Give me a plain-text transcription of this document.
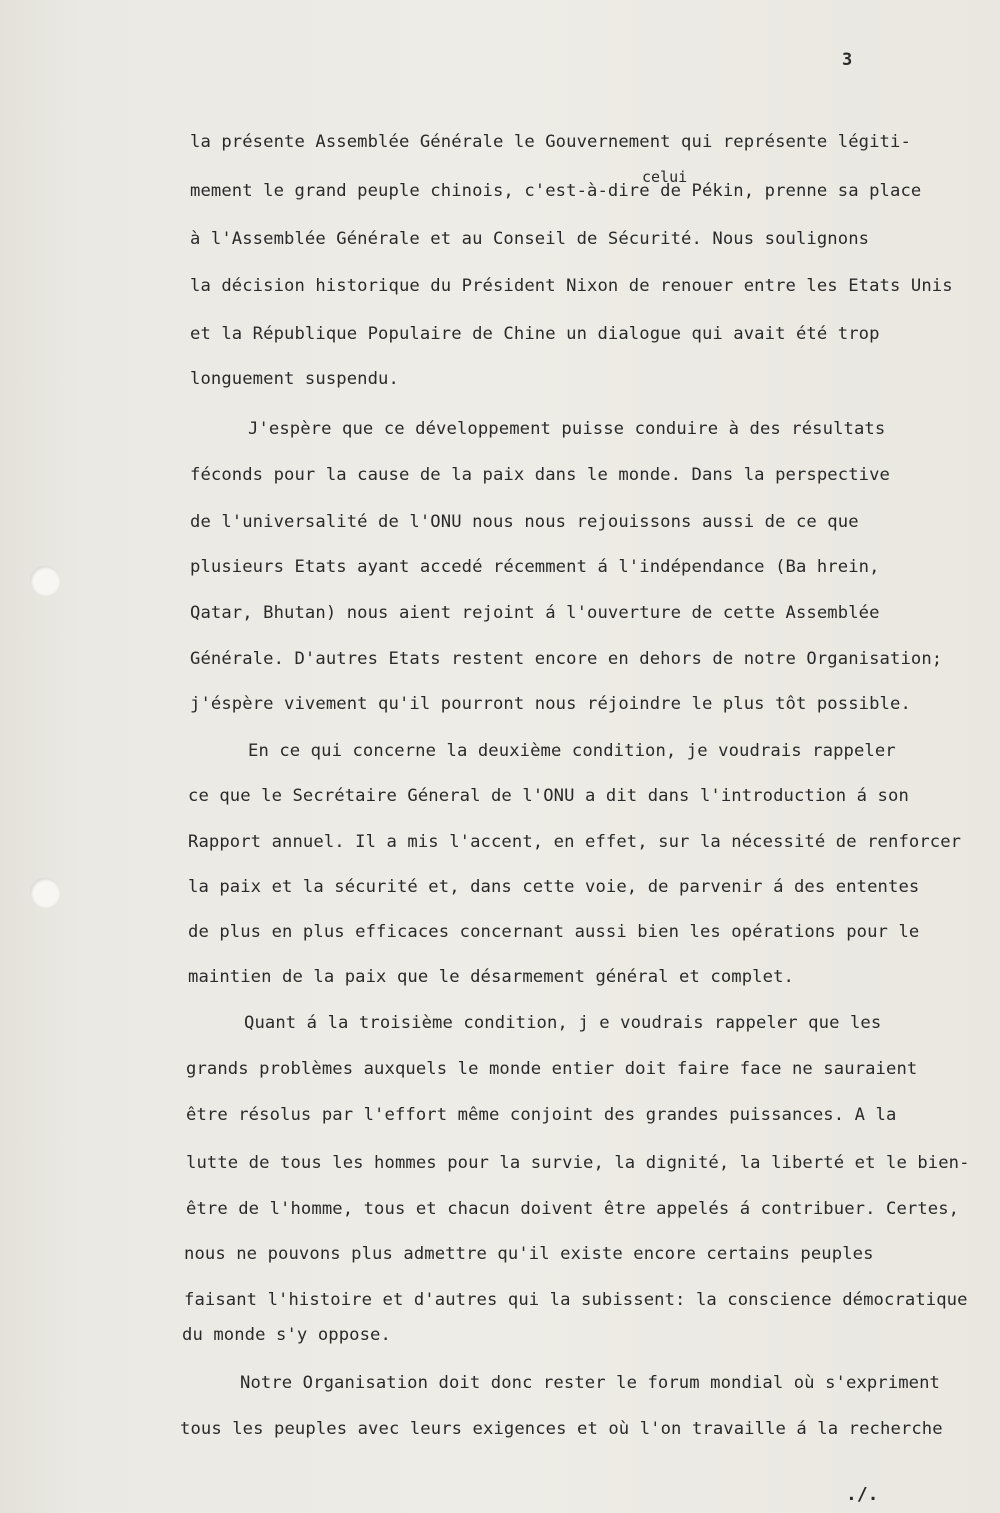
3
celui
la présente Assemblée Générale le Gouvernement qui représente légiti-
mement le grand peuple chinois, c'est-à-dire de Pékin, prenne sa place
à l'Assemblée Générale et au Conseil de Sécurité. Nous soulignons
la décision historique du Président Nixon de renouer entre les Etats Unis
et la République Populaire de Chine un dialogue qui avait été trop
longuement suspendu.
J'espère que ce développement puisse conduire à des résultats
féconds pour la cause de la paix dans le monde. Dans la perspective
de l'universalité de l'ONU nous nous rejouissons aussi de ce que
plusieurs Etats ayant accedé récemment á l'indépendance (Ba hrein,
Qatar, Bhutan) nous aient rejoint á l'ouverture de cette Assemblée
Générale. D'autres Etats restent encore en dehors de notre Organisation;
j'éspère vivement qu'il pourront nous réjoindre le plus tôt possible.
En ce qui concerne la deuxième condition, je voudrais rappeler
ce que le Secrétaire Géneral de l'ONU a dit dans l'introduction á son
Rapport annuel. Il a mis l'accent, en effet, sur la nécessité de renforcer
la paix et la sécurité et, dans cette voie, de parvenir á des ententes
de plus en plus efficaces concernant aussi bien les opérations pour le
maintien de la paix que le désarmement général et complet.
Quant á la troisième condition, j e voudrais rappeler que les
grands problèmes auxquels le monde entier doit faire face ne sauraient
être résolus par l'effort même conjoint des grandes puissances. A la
lutte de tous les hommes pour la survie, la dignité, la liberté et le bien-
être de l'homme, tous et chacun doivent être appelés á contribuer. Certes,
nous ne pouvons plus admettre qu'il existe encore certains peuples
faisant l'histoire et d'autres qui la subissent: la conscience démocratique
du monde s'y oppose.
Notre Organisation doit donc rester le forum mondial où s'expriment
tous les peuples avec leurs exigences et où l'on travaille á la recherche
./.
